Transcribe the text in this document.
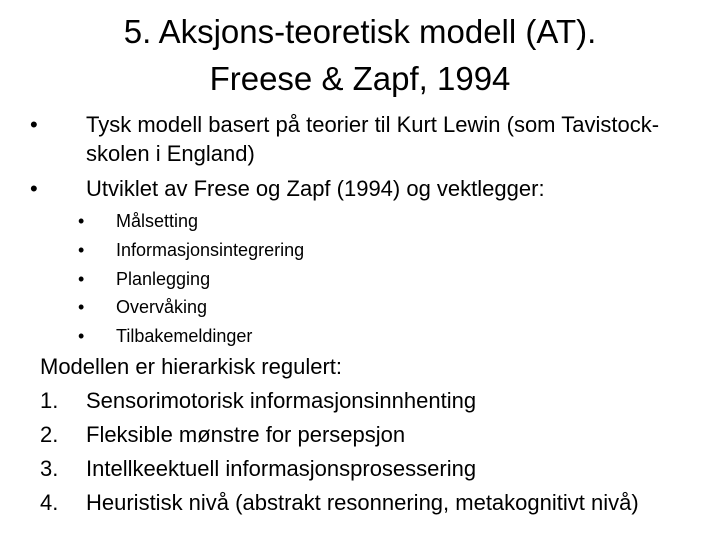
5. Aksjons-teoretisk modell (AT).
Freese & Zapf, 1994
•	Tysk modell basert på teorier til Kurt Lewin (som Tavistock-skolen i England)
•	Utviklet av Frese og Zapf (1994) og vektlegger:
•	Målsetting
•	Informasjonsintegrering
•	Planlegging
•	Overvåking
•	Tilbakemeldinger
Modellen er hierarkisk regulert:
1.	Sensorimotorisk informasjonsinnhenting
2.	Fleksible mønstre for persepsjon
3.	Intellkeektuell informasjonsprosessering
4.	Heuristisk nivå (abstrakt resonnering, metakognitivt nivå)
